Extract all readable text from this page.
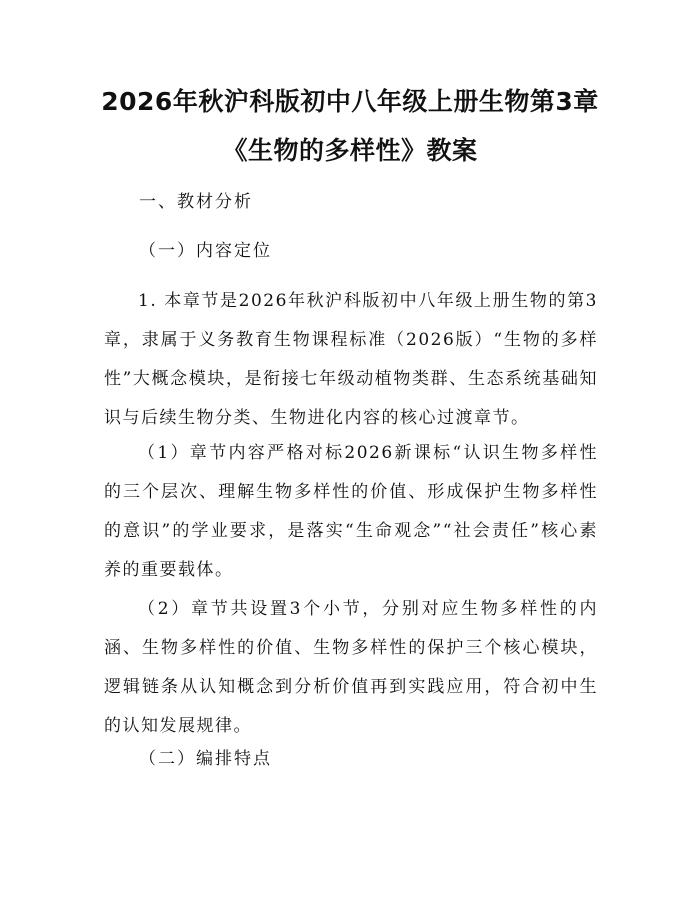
2026年秋沪科版初中八年级上册生物第3章
《生物的多样性》教案
一、教材分析
（一）内容定位

1. 本章节是2026年秋沪科版初中八年级上册生物的第3章，隶属于义务教育生物课程标准（2026版）“生物的多样性”大概念模块，是衔接七年级动植物类群、生态系统基础知识与后续生物分类、生物进化内容的核心过渡章节。

（1）章节内容严格对标2026新课标“认识生物多样性的三个层次、理解生物多样性的价值、形成保护生物多样性的意识”的学业要求，是落实“生命观念”“社会责任”核心素养的重要载体。

（2）章节共设置3个小节，分别对应生物多样性的内涵、生物多样性的价值、生物多样性的保护三个核心模块，逻辑链条从认知概念到分析价值再到实践应用，符合初中生的认知发展规律。

（二）编排特点
